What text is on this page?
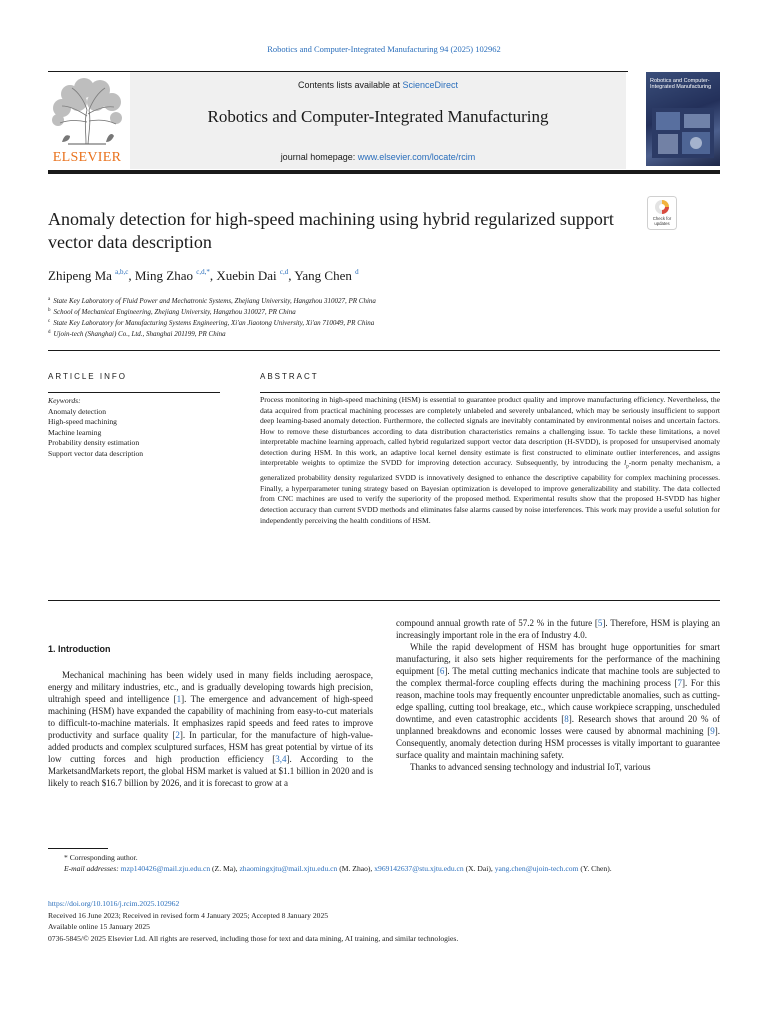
Robotics and Computer-Integrated Manufacturing 94 (2025) 102962
ELSEVIER
Contents lists available at ScienceDirect
Robotics and Computer-Integrated Manufacturing
journal homepage: www.elsevier.com/locate/rcim
Robotics and Computer-Integrated Manufacturing
Check for
updates
Anomaly detection for high-speed machining using hybrid regularized support vector data description
Zhipeng Ma $^{a,b,c}$, Ming Zhao $^{c,d,*}$, Xuebin Dai $^{c,d}$, Yang Chen $^d$
$^a$ State Key Laboratory of Fluid Power and Mechatronic Systems, Zhejiang University, Hangzhou 310027, PR China
$^b$ School of Mechanical Engineering, Zhejiang University, Hangzhou 310027, PR China
$^c$ State Key Laboratory for Manufacturing Systems Engineering, Xi'an Jiaotong University, Xi'an 710049, PR China
$^d$ Ujoin-tech (Shanghai) Co., Ltd., Shanghai 201199, PR China
ARTICLE INFO
Keywords:
Anomaly detection
High-speed machining
Machine learning
Probability density estimation
Support vector data description
ABSTRACT
Process monitoring in high-speed machining (HSM) is essential to guarantee product quality and improve manufacturing efficiency. Nevertheless, the data acquired from practical machining processes are completely unlabeled and severely unbalanced, which may be seriously insufficient to support deep learning-based anomaly detection. Furthermore, the collected signals are inevitably contaminated by environmental noises and uncertain factors. How to remove these disturbances according to data distribution characteristics remains a challenging issue. To tackle these limitations, a novel interpretable machine learning approach, called hybrid regularized support vector data description (H-SVDD), is proposed for unsupervised anomaly detection during HSM. In this work, an adaptive local kernel density estimate is first constructed to eliminate outlier interferences, and assigns interpretable weights to optimize the SVDD for improving detection accuracy. Subsequently, by introducing the $l_p$-norm penalty mechanism, a generalized probability density regularized SVDD is innovatively designed to enhance the descriptive capability for complex machining processes. Finally, a hyperparameter tuning strategy based on Bayesian optimization is developed to improve generalizability and stability. The data collected from CNC machines are used to verify the superiority of the proposed method. Experimental results show that the proposed H-SVDD has higher detection accuracy than current SVDD methods and eliminates false alarms caused by noise interferences. This work may provide a useful solution for independently perceiving the health conditions of HSM.
1. Introduction

Mechanical machining has been widely used in many fields including aerospace, energy and military industries, etc., and is gradually developing towards high precision, ultrahigh speed and intelligence [1]. The emergence and advancement of high-speed machining (HSM) have expanded the capability of machining from easy-to-cut materials to difficult-to-machine materials. It emphasizes rapid speeds and feed rates to improve productivity and surface quality [2]. In particular, for the manufacture of high-value-added products and complex sculptured surfaces, HSM has great potential by virtue of its low cutting forces and high production efficiency [3,4]. According to the MarketsandMarkets report, the global HSM market is valued at $1.1 billion in 2020 and is likely to reach $16.7 billion by 2026, and it is forecast to grow at a

compound annual growth rate of 57.2 % in the future [5]. Therefore, HSM is playing an increasingly important role in the era of Industry 4.0.

While the rapid development of HSM has brought huge opportunities for smart manufacturing, it also sets higher requirements for the performance of the machining equipment [6]. The metal cutting mechanics indicate that machine tools are subjected to the complex thermal-force coupling effects during the machining process [7]. For this reason, machine tools may frequently encounter unpredictable anomalies, such as cutting-edge spalling, cutting tool breakage, etc., which cause workpiece scrapping, unscheduled downtime, and even catastrophic accidents [8]. Research shows that around 20 % of unplanned breakdowns and economic losses were caused by abnormal machining [9]. Consequently, anomaly detection during HSM processes is vitally important to guarantee surface quality and maintain machining safety.

Thanks to advanced sensing technology and industrial IoT, various

* Corresponding author.
E-mail addresses: mzp140426@mail.zju.edu.cn (Z. Ma), zhaomingxjtu@mail.xjtu.edu.cn (M. Zhao), x969142637@stu.xjtu.edu.cn (X. Dai), yang.chen@ujoin-tech.com (Y. Chen).
https://doi.org/10.1016/j.rcim.2025.102962
Received 16 June 2023; Received in revised form 4 January 2025; Accepted 8 January 2025
Available online 15 January 2025
0736-5845/© 2025 Elsevier Ltd. All rights are reserved, including those for text and data mining, AI training, and similar technologies.
